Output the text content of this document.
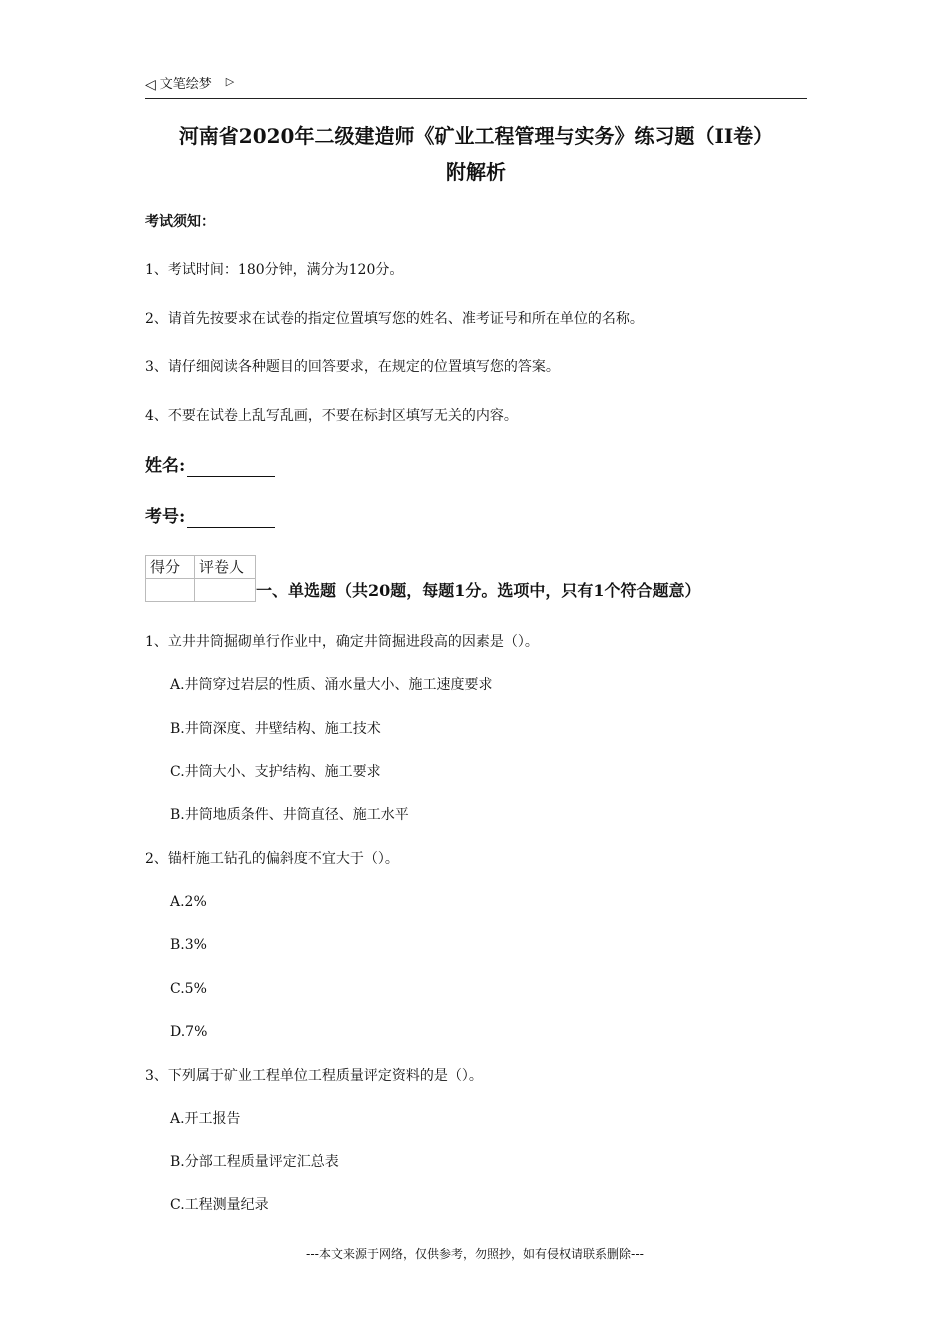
◁ 文笔绘梦 ▷
河南省2020年二级建造师《矿业工程管理与实务》练习题（II卷）
附解析
考试须知：
1、考试时间：180分钟，满分为120分。
2、请首先按要求在试卷的指定位置填写您的姓名、准考证号和所在单位的名称。
3、请仔细阅读各种题目的回答要求，在规定的位置填写您的答案。
4、不要在试卷上乱写乱画，不要在标封区填写无关的内容。
姓名:
考号:
得分	评卷人

一、单选题（共20题，每题1分。选项中，只有1个符合题意）
1、立井井筒掘砌单行作业中，确定井筒掘进段高的因素是（）。
A.井筒穿过岩层的性质、涌水量大小、施工速度要求
B.井筒深度、井壁结构、施工技术
C.井筒大小、支护结构、施工要求
B.井筒地质条件、井筒直径、施工水平
2、锚杆施工钻孔的偏斜度不宜大于（）。
A.2%
B.3%
C.5%
D.7%
3、下列属于矿业工程单位工程质量评定资料的是（）。
A.开工报告
B.分部工程质量评定汇总表
C.工程测量纪录
---本文来源于网络，仅供参考，勿照抄，如有侵权请联系删除---
